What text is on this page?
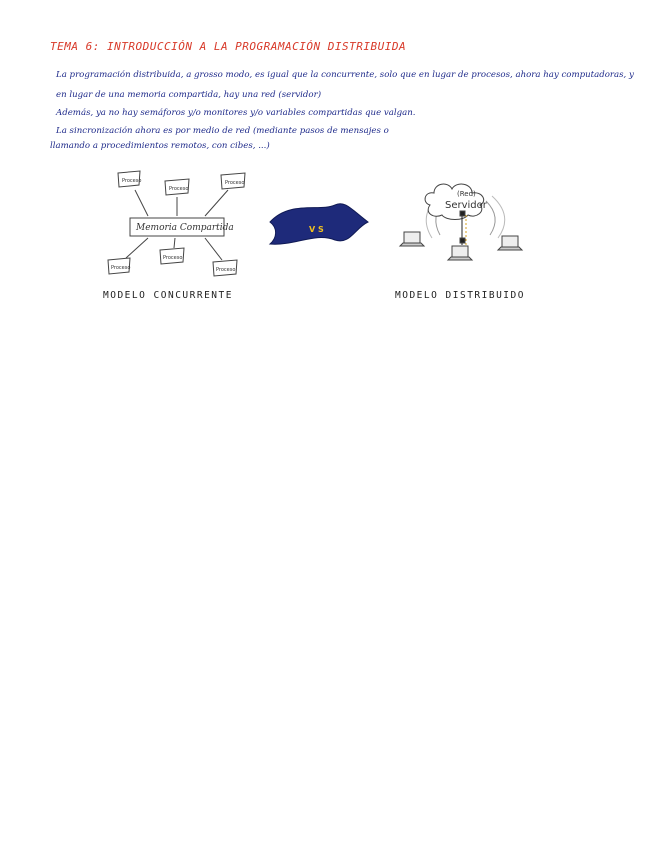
TEMA 6: INTRODUCCIÓN A LA PROGRAMACIÓN DISTRIBUIDA
La programación distribuida, a grosso modo, es igual que la concurrente, solo que en lugar de procesos, ahora hay computadoras, y
en lugar de una memoria compartida, hay una red (servidor)
Además, ya no hay semáforos y/o monitores y/o variables compartidas que valgan.
La sincronización ahora es por medio de red (mediante pasos de mensajes o
llamando a procedimientos remotos, con cibes, ...)
Memoria Compartida
Proceso
Proceso
Proceso
Proceso
Proceso
Proceso
V S
(Red)
Servidor
MODELO CONCURRENTE	MODELO DISTRIBUIDO
